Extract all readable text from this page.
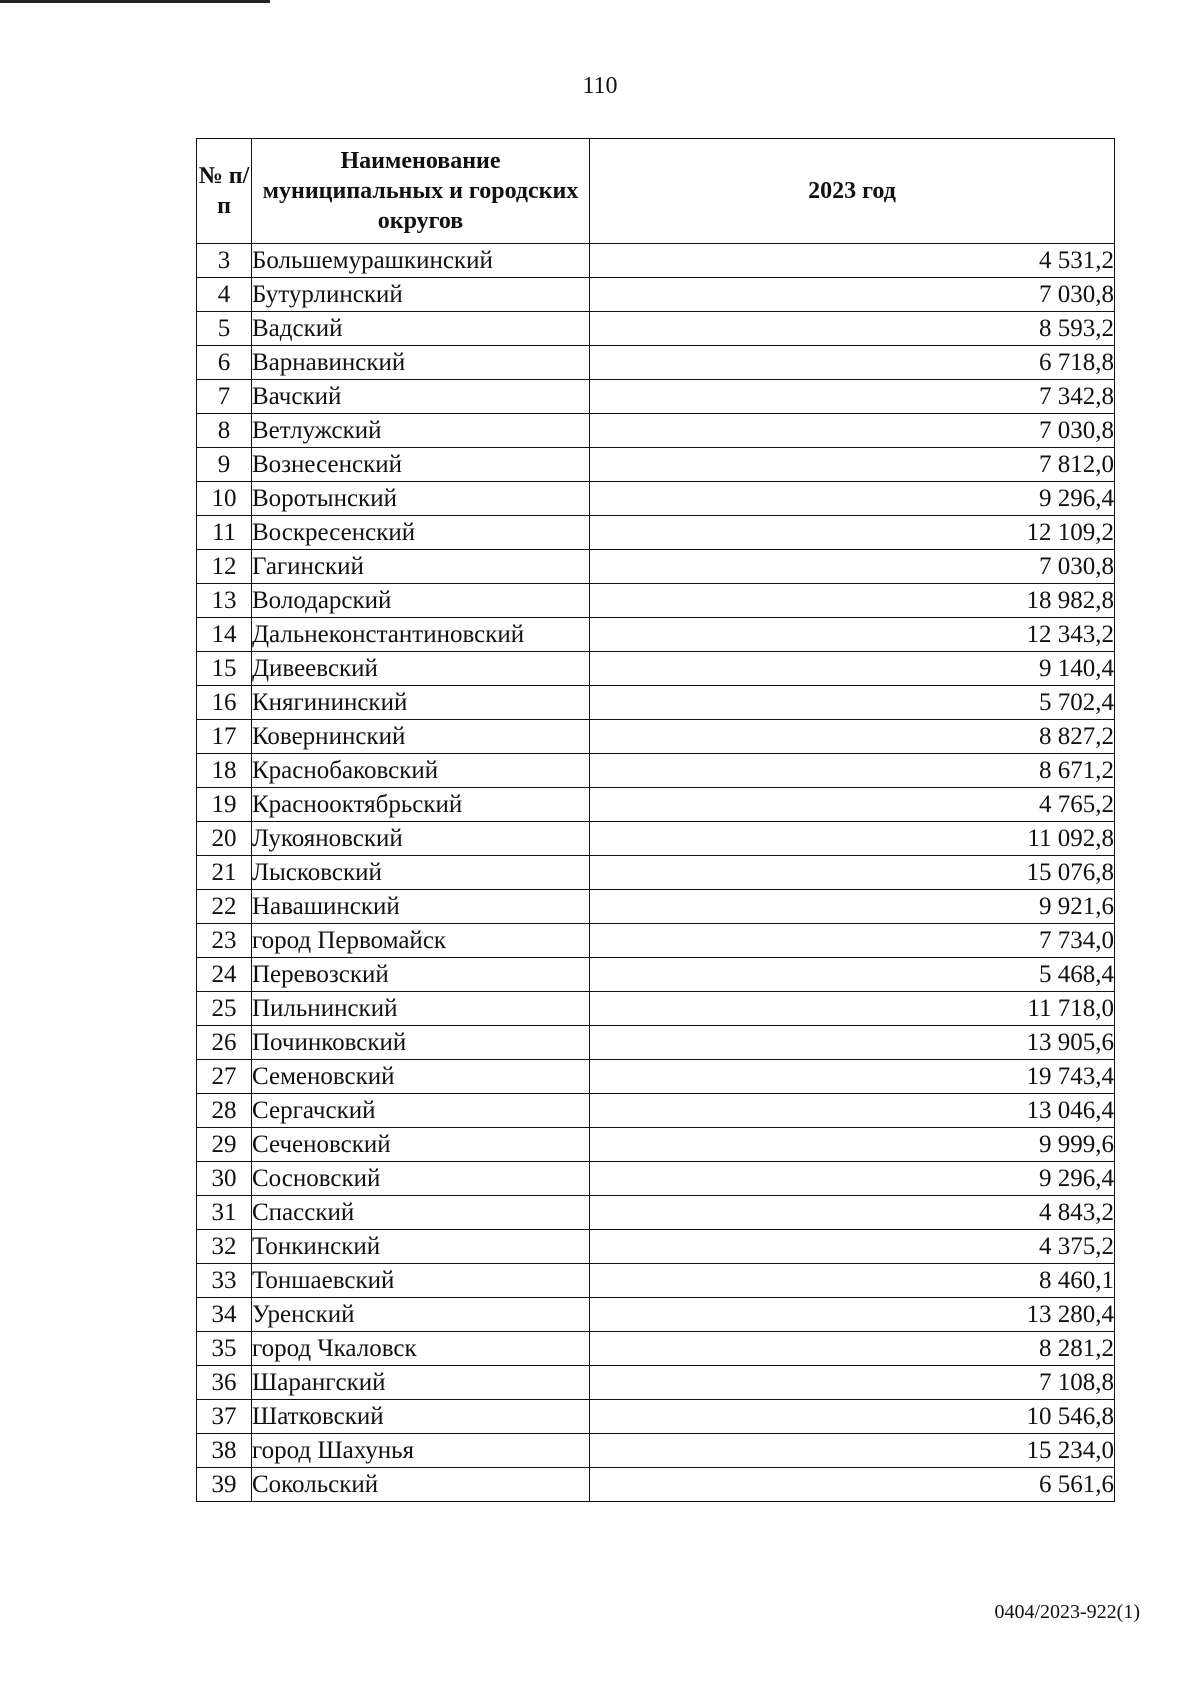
110
№ п/п	Наименование муниципальных и городских округов	2023 год
3	Большемурашкинский	4 531,2
4	Бутурлинский	7 030,8
5	Вадский	8 593,2
6	Варнавинский	6 718,8
7	Вачский	7 342,8
8	Ветлужский	7 030,8
9	Вознесенский	7 812,0
10	Воротынский	9 296,4
11	Воскресенский	12 109,2
12	Гагинский	7 030,8
13	Володарский	18 982,8
14	Дальнеконстантиновский	12 343,2
15	Дивеевский	9 140,4
16	Княгининский	5 702,4
17	Ковернинский	8 827,2
18	Краснобаковский	8 671,2
19	Краснооктябрьский	4 765,2
20	Лукояновский	11 092,8
21	Лысковский	15 076,8
22	Навашинский	9 921,6
23	город Первомайск	7 734,0
24	Перевозский	5 468,4
25	Пильнинский	11 718,0
26	Починковский	13 905,6
27	Семеновский	19 743,4
28	Сергачский	13 046,4
29	Сеченовский	9 999,6
30	Сосновский	9 296,4
31	Спасский	4 843,2
32	Тонкинский	4 375,2
33	Тоншаевский	8 460,1
34	Уренский	13 280,4
35	город Чкаловск	8 281,2
36	Шарангский	7 108,8
37	Шатковский	10 546,8
38	город Шахунья	15 234,0
39	Сокольский	6 561,6
0404/2023-922(1)
